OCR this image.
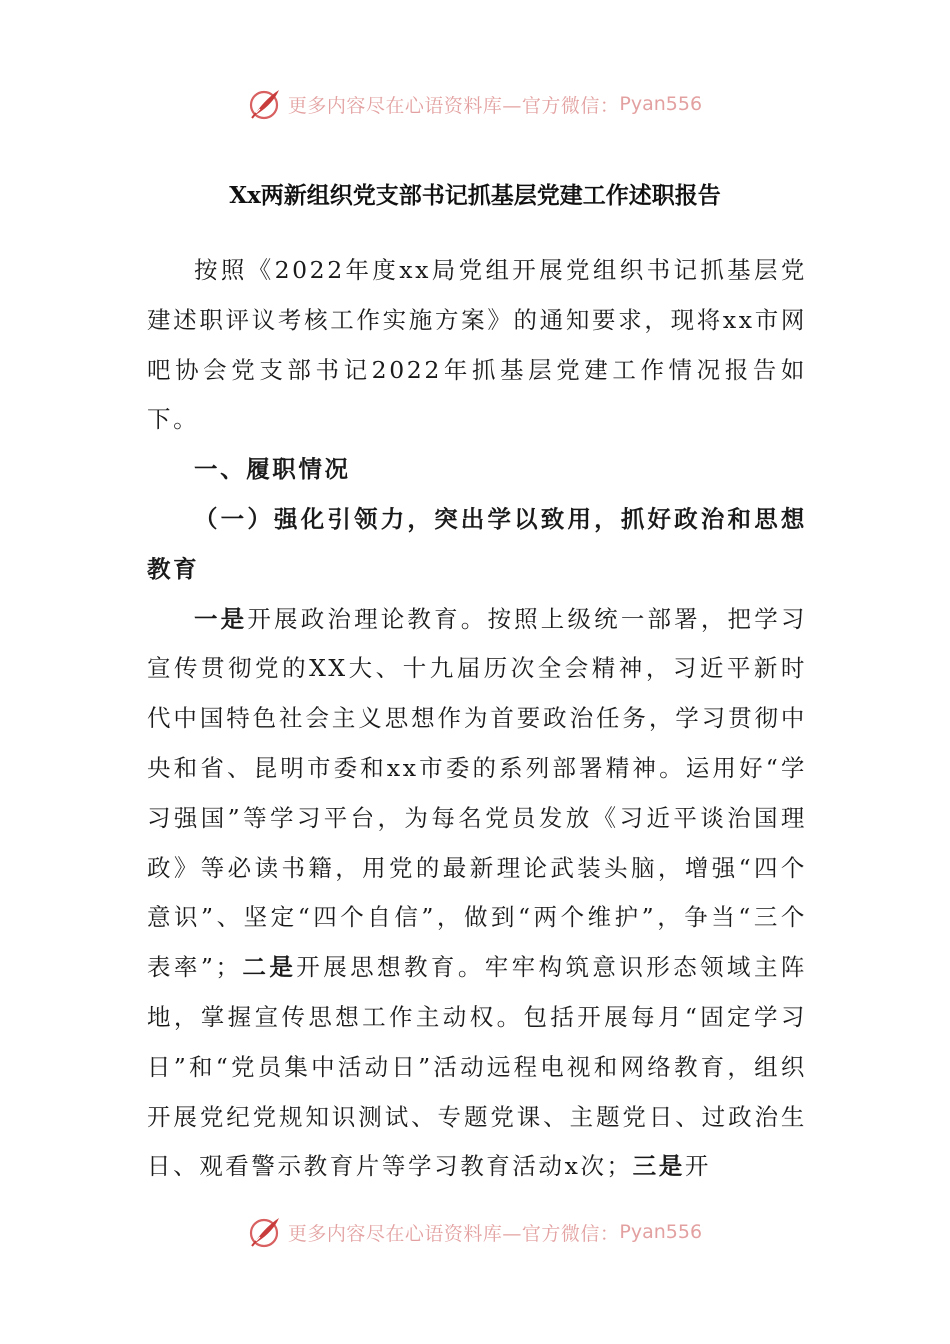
更多内容尽在心语资料库—官方微信： Pyan556
Xx两新组织党支部书记抓基层党建工作述职报告

按照《2022年度xx局党组开展党组织书记抓基层党建述职评议考核工作实施方案》的通知要求，现将xx市网吧协会党支部书记2022年抓基层党建工作情况报告如下。

一、履职情况

（一）强化引领力，突出学以致用，抓好政治和思想教育

一是开展政治理论教育。按照上级统一部署，把学习宣传贯彻党的XX大、十九届历次全会精神，习近平新时代中国特色社会主义思想作为首要政治任务，学习贯彻中央和省、昆明市委和xx市委的系列部署精神。运用好“学习强国”等学习平台，为每名党员发放《习近平谈治国理政》等必读书籍，用党的最新理论武装头脑，增强“四个意识”、坚定“四个自信”，做到“两个维护”，争当“三个表率”；二是开展思想教育。牢牢构筑意识形态领域主阵地，掌握宣传思想工作主动权。包括开展每月“固定学习日”和“党员集中活动日”活动远程电视和网络教育，组织开展党纪党规知识测试、专题党课、主题党日、过政治生日、观看警示教育片等学习教育活动x次；三是开

更多内容尽在心语资料库—官方微信： Pyan556
